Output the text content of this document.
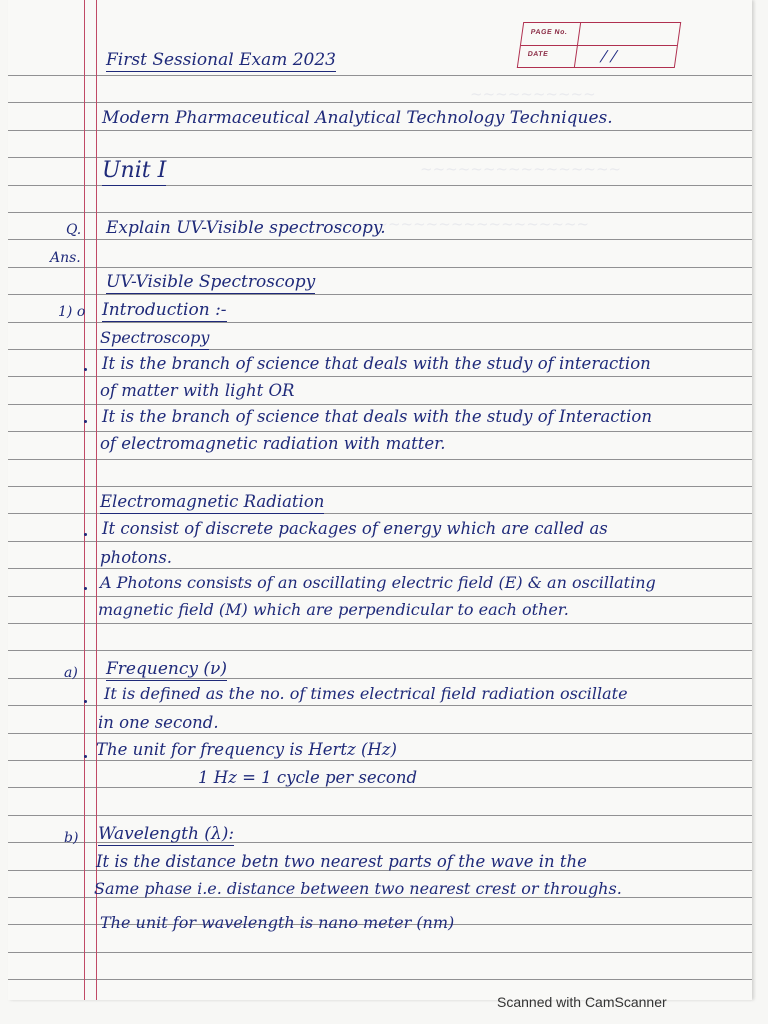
~~~~~~~~~~
~~~~~~~~~~~~~~~~
~~~~~~~~~~~~~~~~~~~~~~~
PAGE No.
DATE	/ /
First Sessional Exam 2023
Modern Pharmaceutical Analytical Technology Techniques.
Unit I
Q. Explain UV-Visible spectroscopy.
Ans.
UV-Visible Spectroscopy
1) o Introduction :-
Spectroscopy
It is the branch of science that deals with the study of interaction
of matter with light OR
It is the branch of science that deals with the study of Interaction
of electromagnetic radiation with matter.
Electromagnetic Radiation
It consist of discrete packages of energy which are called as
photons.
A Photons consists of an oscillating electric field (E) & an oscillating
magnetic field (M) which are perpendicular to each other.
a) Frequency (ν)
It is defined as the no. of times electrical field radiation oscillate
in one second.
The unit for frequency is Hertz (Hz)
1 Hz = 1 cycle per second
b) Wavelength (λ):
It is the distance betn two nearest parts of the wave in the
Same phase i.e. distance between two nearest crest or throughs.
The unit for wavelength is nano meter (nm)
Scanned with CamScanner
